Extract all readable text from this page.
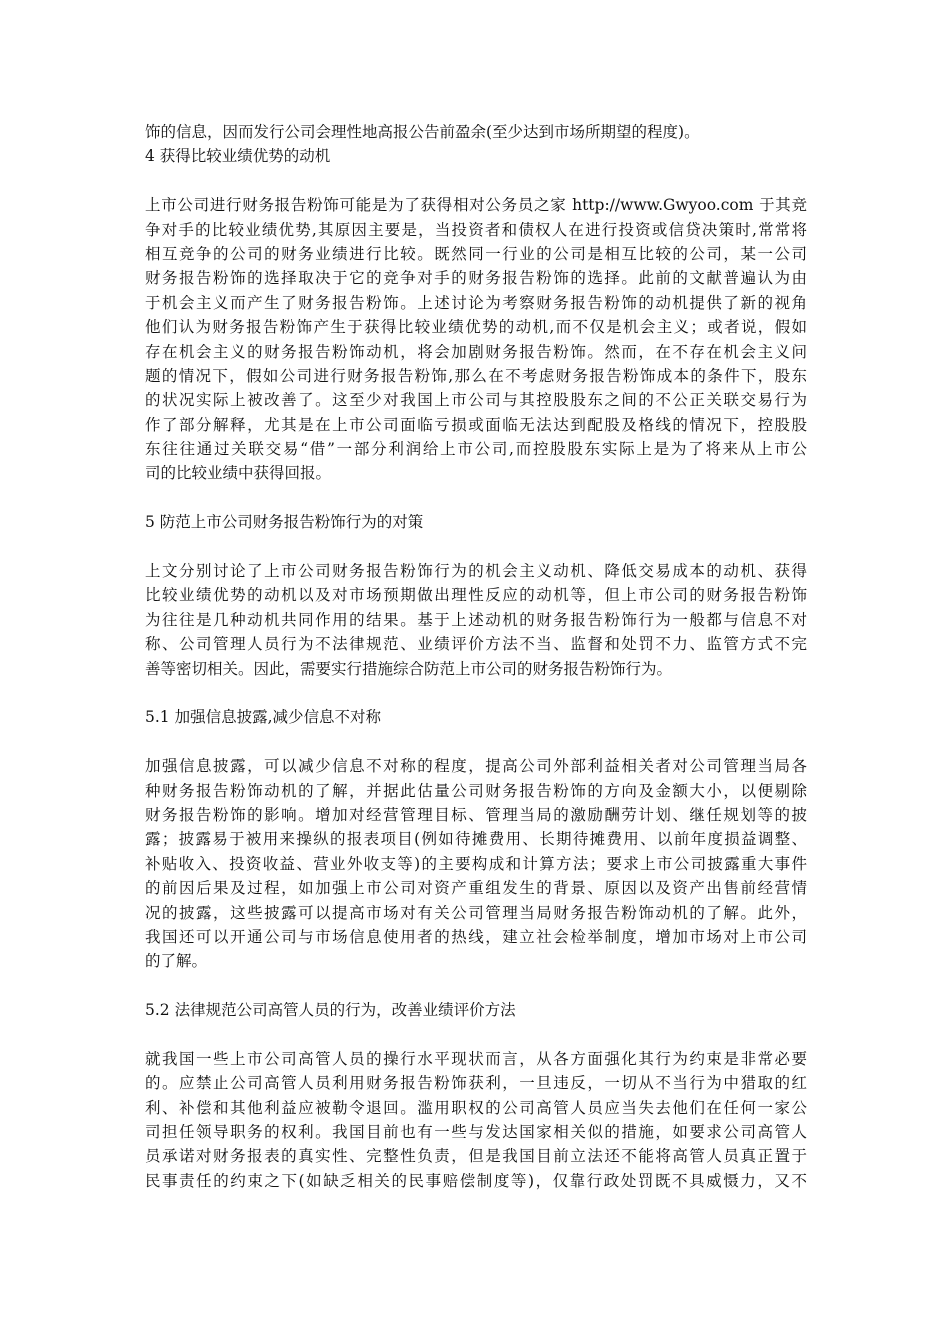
饰的信息，因而发行公司会理性地高报公告前盈余(至少达到市场所期望的程度)。
4 获得比较业绩优势的动机
上市公司进行财务报告粉饰可能是为了获得相对公务员之家 http://www.Gwyoo.com 于其竞
争对手的比较业绩优势,其原因主要是，当投资者和债权人在进行投资或信贷决策时,常常将
相互竞争的公司的财务业绩进行比较。既然同一行业的公司是相互比较的公司，某一公司
财务报告粉饰的选择取决于它的竞争对手的财务报告粉饰的选择。此前的文献普遍认为由
于机会主义而产生了财务报告粉饰。上述讨论为考察财务报告粉饰的动机提供了新的视角
他们认为财务报告粉饰产生于获得比较业绩优势的动机,而不仅是机会主义；或者说，假如
存在机会主义的财务报告粉饰动机，将会加剧财务报告粉饰。然而，在不存在机会主义问
题的情况下，假如公司进行财务报告粉饰,那么在不考虑财务报告粉饰成本的条件下，股东
的状况实际上被改善了。这至少对我国上市公司与其控股股东之间的不公正关联交易行为
作了部分解释，尤其是在上市公司面临亏损或面临无法达到配股及格线的情况下，控股股
东往往通过关联交易“借”一部分利润给上市公司,而控股股东实际上是为了将来从上市公
司的比较业绩中获得回报。
5 防范上市公司财务报告粉饰行为的对策
上文分别讨论了上市公司财务报告粉饰行为的机会主义动机、降低交易成本的动机、获得
比较业绩优势的动机以及对市场预期做出理性反应的动机等，但上市公司的财务报告粉饰
为往往是几种动机共同作用的结果。基于上述动机的财务报告粉饰行为一般都与信息不对
称、公司管理人员行为不法律规范、业绩评价方法不当、监督和处罚不力、监管方式不完
善等密切相关。因此，需要实行措施综合防范上市公司的财务报告粉饰行为。
5.1 加强信息披露,减少信息不对称
加强信息披露，可以减少信息不对称的程度，提高公司外部利益相关者对公司管理当局各
种财务报告粉饰动机的了解，并据此估量公司财务报告粉饰的方向及金额大小，以便剔除
财务报告粉饰的影响。增加对经营管理目标、管理当局的激励酬劳计划、继任规划等的披
露；披露易于被用来操纵的报表项目(例如待摊费用、长期待摊费用、以前年度损益调整、
补贴收入、投资收益、营业外收支等)的主要构成和计算方法；要求上市公司披露重大事件
的前因后果及过程，如加强上市公司对资产重组发生的背景、原因以及资产出售前经营情
况的披露，这些披露可以提高市场对有关公司管理当局财务报告粉饰动机的了解。此外，
我国还可以开通公司与市场信息使用者的热线，建立社会检举制度，增加市场对上市公司
的了解。
5.2 法律规范公司高管人员的行为，改善业绩评价方法
就我国一些上市公司高管人员的操行水平现状而言，从各方面强化其行为约束是非常必要
的。应禁止公司高管人员利用财务报告粉饰获利，一旦违反，一切从不当行为中猎取的红
利、补偿和其他利益应被勒令退回。滥用职权的公司高管人员应当失去他们在任何一家公
司担任领导职务的权利。我国目前也有一些与发达国家相关似的措施，如要求公司高管人
员承诺对财务报表的真实性、完整性负责，但是我国目前立法还不能将高管人员真正置于
民事责任的约束之下(如缺乏相关的民事赔偿制度等)，仅靠行政处罚既不具威慑力，又不
